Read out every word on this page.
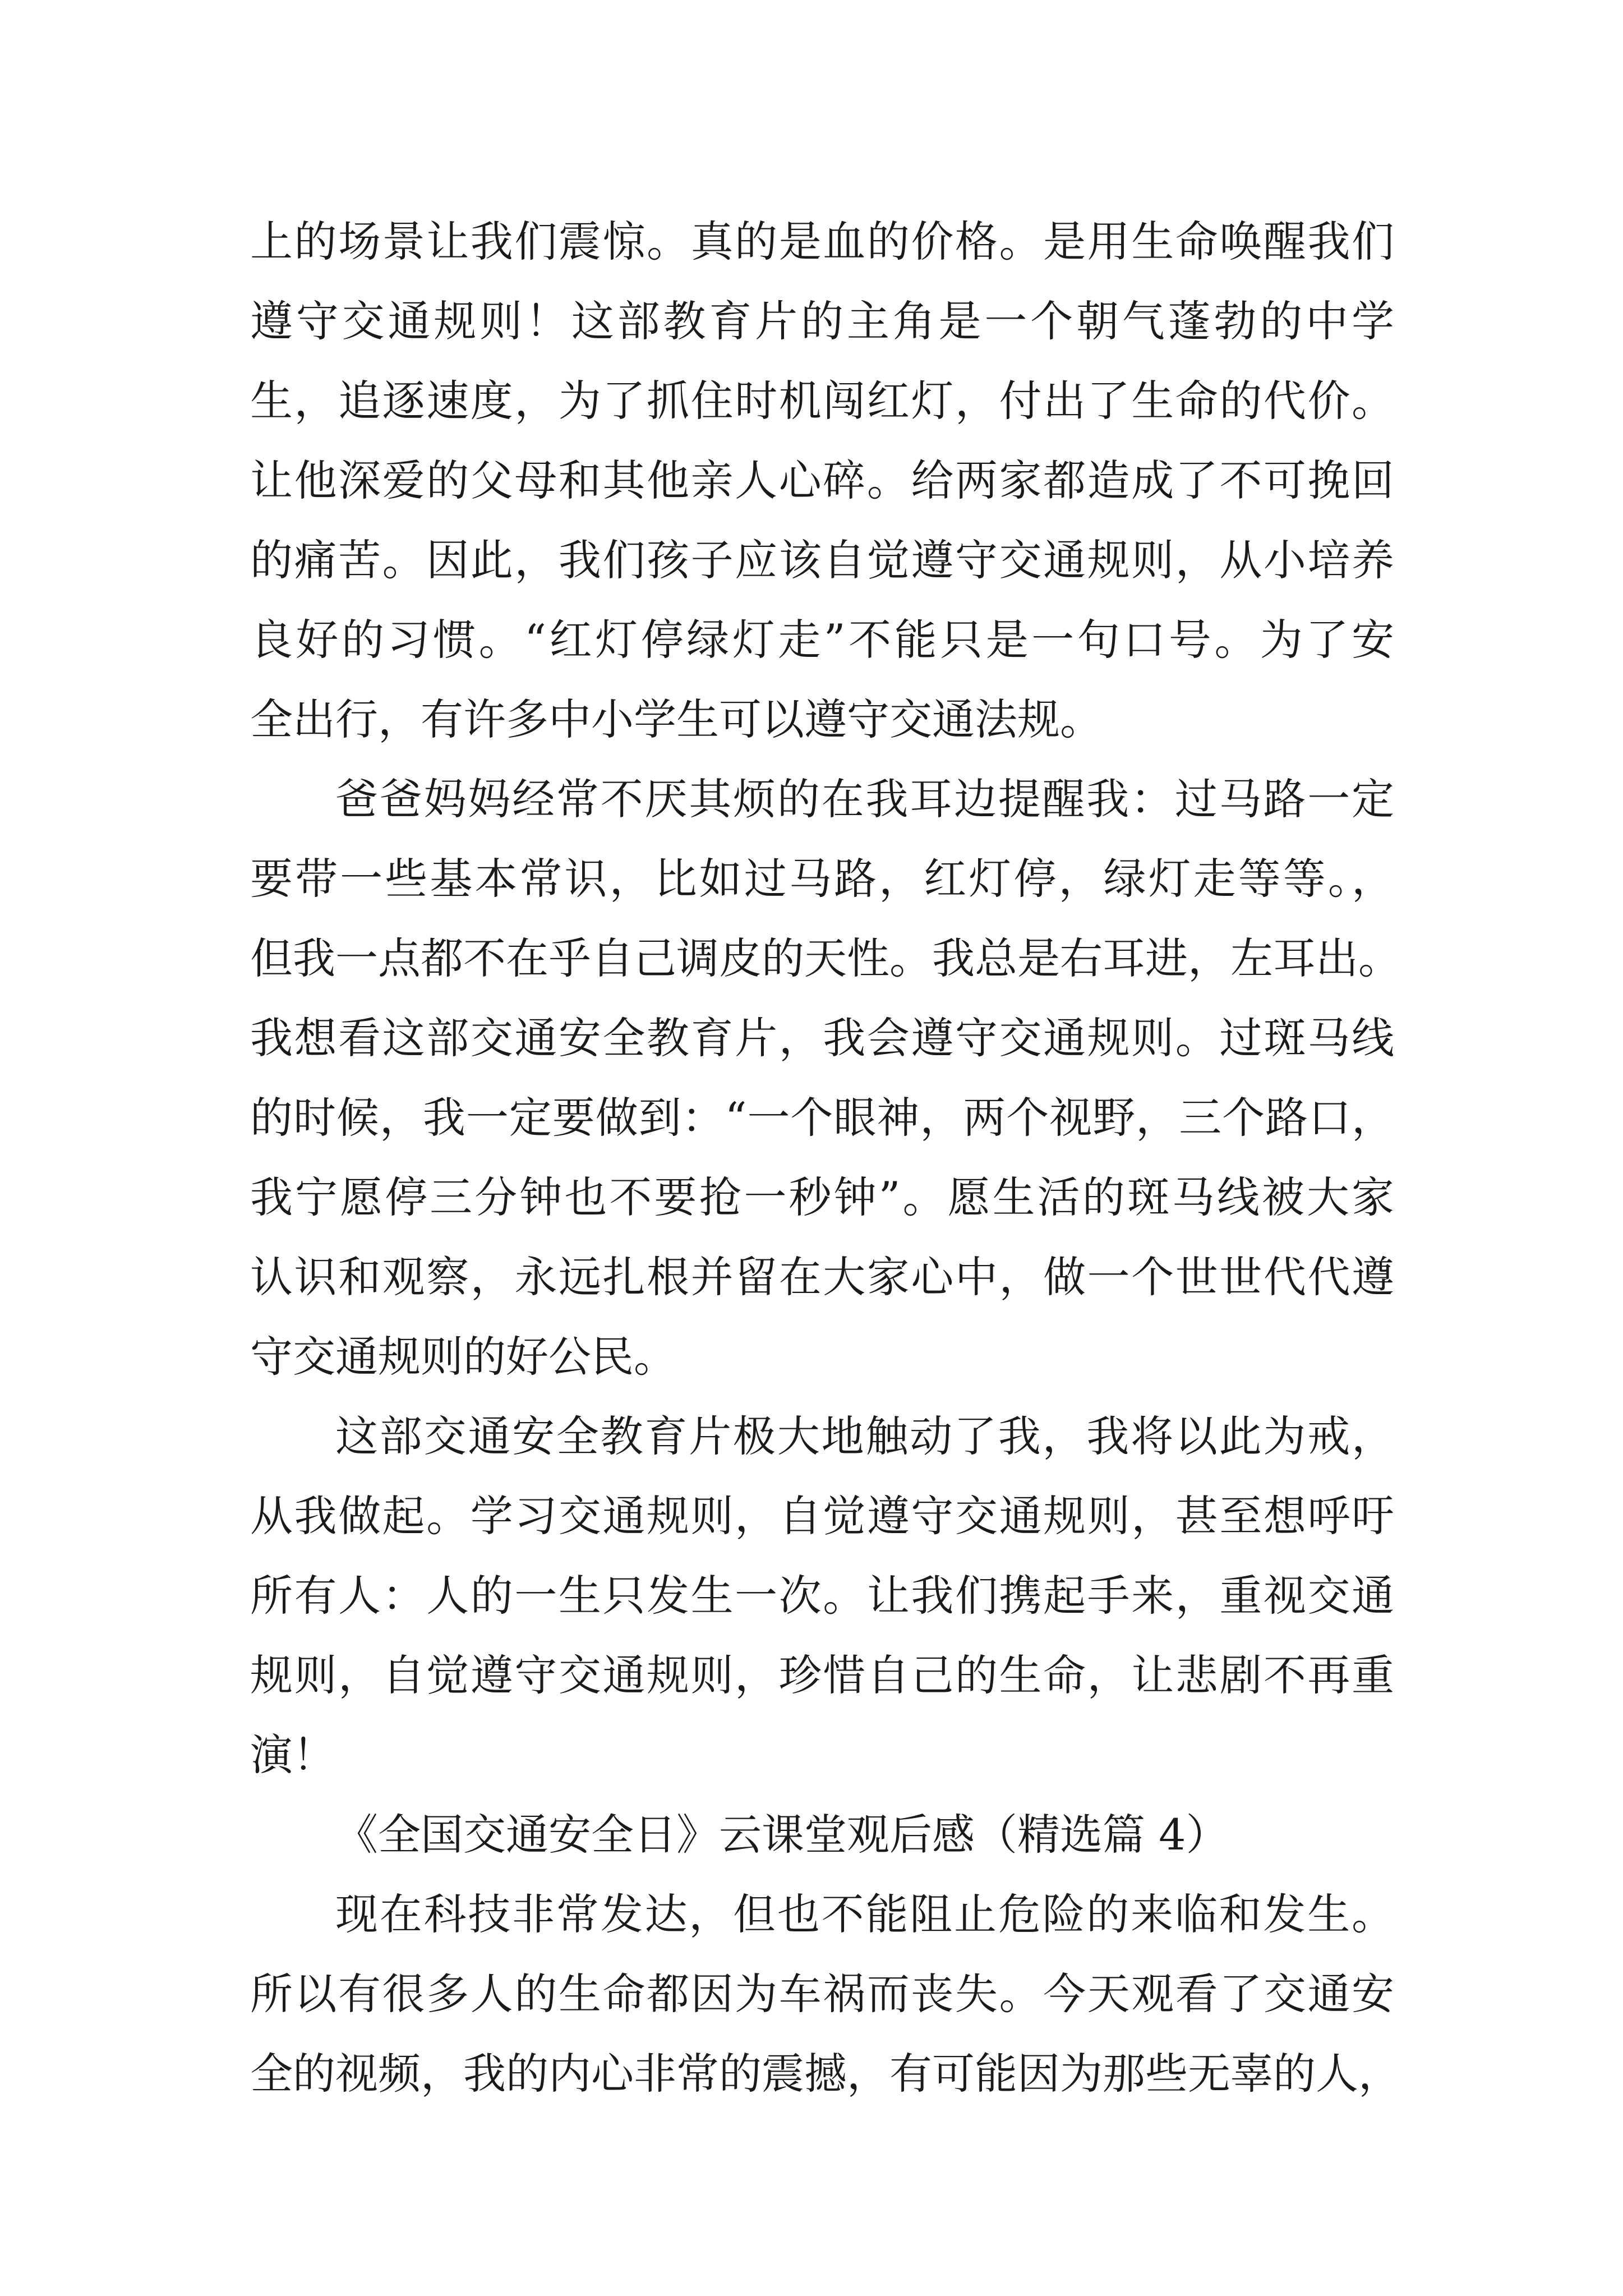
上的场景让我们震惊。真的是血的价格。是用生命唤醒我们
遵守交通规则！这部教育片的主角是一个朝气蓬勃的中学
生，追逐速度，为了抓住时机闯红灯，付出了生命的代价。
让他深爱的父母和其他亲人心碎。给两家都造成了不可挽回
的痛苦。因此，我们孩子应该自觉遵守交通规则，从小培养
良好的习惯。“红灯停绿灯走”不能只是一句口号。为了安
全出行，有许多中小学生可以遵守交通法规。
爸爸妈妈经常不厌其烦的在我耳边提醒我：过马路一定
要带一些基本常识，比如过马路，红灯停，绿灯走等等。，
但我一点都不在乎自己调皮的天性。我总是右耳进，左耳出。
我想看这部交通安全教育片，我会遵守交通规则。过斑马线
的时候，我一定要做到：“一个眼神，两个视野，三个路口，
我宁愿停三分钟也不要抢一秒钟”。愿生活的斑马线被大家
认识和观察，永远扎根并留在大家心中，做一个世世代代遵
守交通规则的好公民。
这部交通安全教育片极大地触动了我，我将以此为戒，
从我做起。学习交通规则，自觉遵守交通规则，甚至想呼吁
所有人：人的一生只发生一次。让我们携起手来，重视交通
规则，自觉遵守交通规则，珍惜自己的生命，让悲剧不再重
演！
《全国交通安全日》云课堂观后感（精选篇 4）
现在科技非常发达，但也不能阻止危险的来临和发生。
所以有很多人的生命都因为车祸而丧失。今天观看了交通安
全的视频，我的内心非常的震撼，有可能因为那些无辜的人，
